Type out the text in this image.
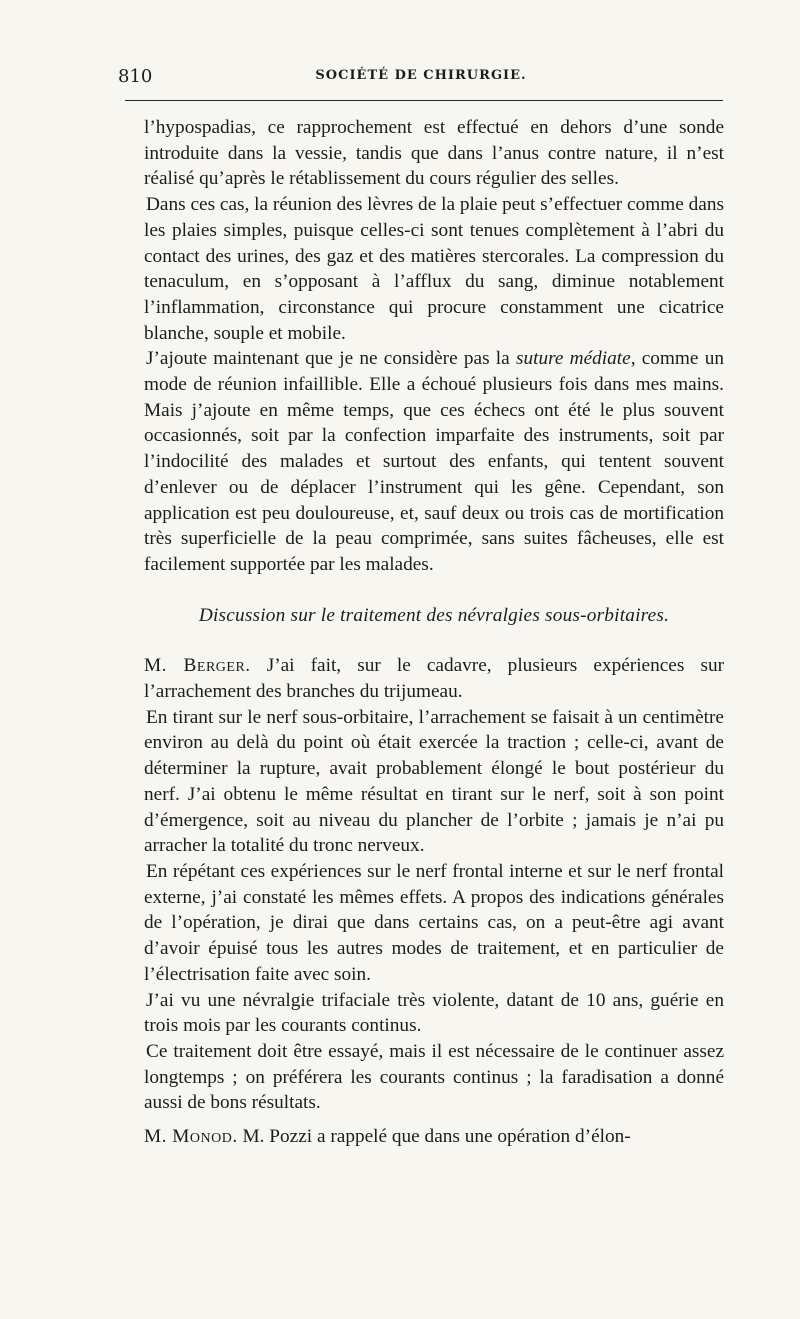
810	SOCIÉTÉ DE CHIRURGIE.

l’hypospadias, ce rapprochement est effectué en dehors d’une sonde introduite dans la vessie, tandis que dans l’anus contre nature, il n’est réalisé qu’après le rétablissement du cours régulier des selles.

Dans ces cas, la réunion des lèvres de la plaie peut s’effectuer comme dans les plaies simples, puisque celles-ci sont tenues complètement à l’abri du contact des urines, des gaz et des matières stercorales. La compression du tenaculum, en s’opposant à l’afflux du sang, diminue notablement l’inflammation, circonstance qui procure constamment une cicatrice blanche, souple et mobile.

J’ajoute maintenant que je ne considère pas la suture médiate, comme un mode de réunion infaillible. Elle a échoué plusieurs fois dans mes mains. Mais j’ajoute en même temps, que ces échecs ont été le plus souvent occasionnés, soit par la confection imparfaite des instruments, soit par l’indocilité des malades et surtout des enfants, qui tentent souvent d’enlever ou de déplacer l’instrument qui les gêne. Cependant, son application est peu douloureuse, et, sauf deux ou trois cas de mortification très superficielle de la peau comprimée, sans suites fâcheuses, elle est facilement supportée par les malades.

Discussion sur le traitement des névralgies sous-orbitaires.

M. Berger. J’ai fait, sur le cadavre, plusieurs expériences sur l’arrachement des branches du trijumeau.

En tirant sur le nerf sous-orbitaire, l’arrachement se faisait à un centimètre environ au delà du point où était exercée la traction ; celle-ci, avant de déterminer la rupture, avait probablement élongé le bout postérieur du nerf. J’ai obtenu le même résultat en tirant sur le nerf, soit à son point d’émergence, soit au niveau du plancher de l’orbite ; jamais je n’ai pu arracher la totalité du tronc nerveux.

En répétant ces expériences sur le nerf frontal interne et sur le nerf frontal externe, j’ai constaté les mêmes effets. A propos des indications générales de l’opération, je dirai que dans certains cas, on a peut-être agi avant d’avoir épuisé tous les autres modes de traitement, et en particulier de l’électrisation faite avec soin.

J’ai vu une névralgie trifaciale très violente, datant de 10 ans, guérie en trois mois par les courants continus.

Ce traitement doit être essayé, mais il est nécessaire de le continuer assez longtemps ; on préférera les courants continus ; la faradisation a donné aussi de bons résultats.

M. Monod. M. Pozzi a rappelé que dans une opération d’élon-
